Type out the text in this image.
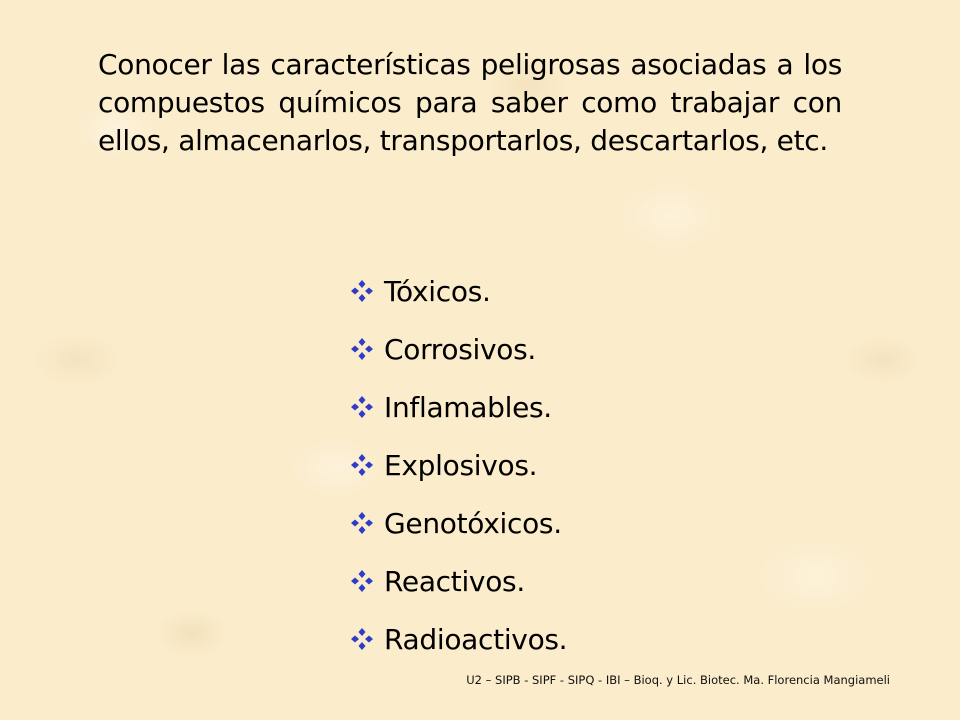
Conocer las características peligrosas asociadas a los compuestos químicos para saber como trabajar con ellos, almacenarlos, transportarlos, descartarlos, etc.

Tóxicos.
Corrosivos.
Inflamables.
Explosivos.
Genotóxicos.
Reactivos.
Radioactivos.

U2 – SIPB - SIPF - SIPQ - IBI – Bioq. y Lic. Biotec. Ma. Florencia Mangiameli
